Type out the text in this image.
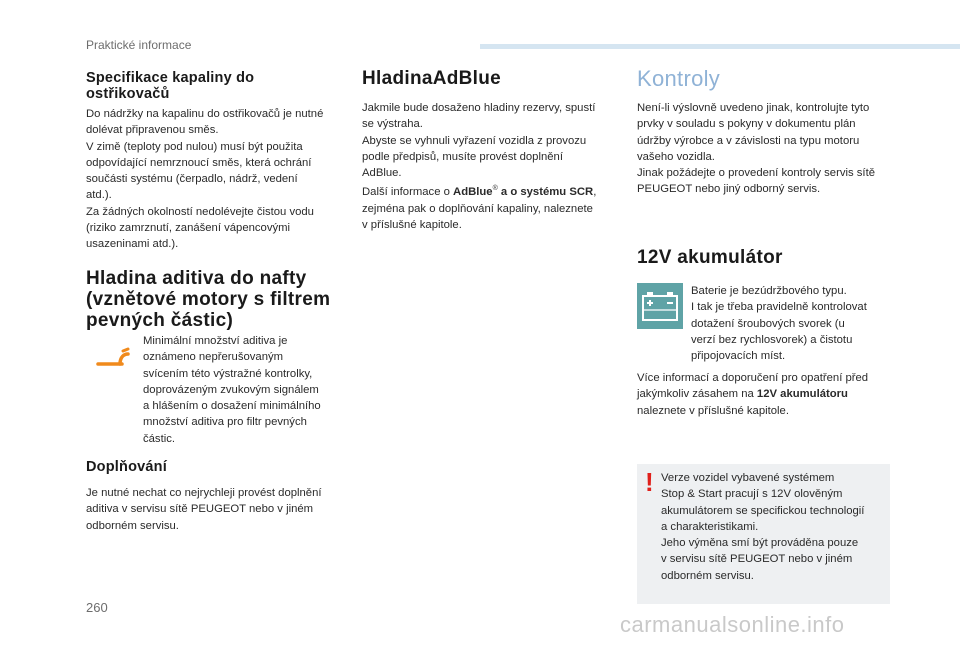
Praktické informace
Specifikace kapaliny do
ostřikovačů
Do nádržky na kapalinu do ostřikovačů je nutné
dolévat připravenou směs.
V zimě (teploty pod nulou) musí být použita
odpovídající nemrznoucí směs, která ochrání
součásti systému (čerpadlo, nádrž, vedení
atd.).
Za žádných okolností nedolévejte čistou vodu
(riziko zamrznutí, zanášení vápencovými
usazeninami atd.).
Hladina aditiva do nafty
(vznětové motory s filtrem
pevných částic)
Minimální množství aditiva je
oznámeno nepřerušovaným
svícením této výstražné kontrolky,
doprovázeným zvukovým signálem
a hlášením o dosažení minimálního
množství aditiva pro filtr pevných
částic.
Doplňování
Je nutné nechat co nejrychleji provést doplnění
aditiva v servisu sítě PEUGEOT nebo v jiném
odborném servisu.
HladinaAdBlue
Jakmile bude dosaženo hladiny rezervy, spustí
se výstraha.
Abyste se vyhnuli vyřazení vozidla z provozu
podle předpisů, musíte provést doplnění
AdBlue.
Další informace o AdBlue® a o systému SCR,
zejména pak o doplňování kapaliny, naleznete
v příslušné kapitole.
Kontroly
Není-li výslovně uvedeno jinak, kontrolujte tyto
prvky v souladu s pokyny v dokumentu plán
údržby výrobce a v závislosti na typu motoru
vašeho vozidla.
Jinak požádejte o provedení kontroly servis sítě
PEUGEOT nebo jiný odborný servis.
12V akumulátor
Baterie je bezúdržbového typu.
I tak je třeba pravidelně kontrolovat
dotažení šroubových svorek (u
verzí bez rychlosvorek) a čistotu
připojovacích míst.
Více informací a doporučení pro opatření před
jakýmkoliv zásahem na 12V akumulátoru
naleznete v příslušné kapitole.
! Verze vozidel vybavené systémem
Stop & Start pracují s 12V olověným
akumulátorem se specifickou technologií
a charakteristikami.
Jeho výměna smí být prováděna pouze
v servisu sítě PEUGEOT nebo v jiném
odborném servisu.
260
carmanualsonline.info
